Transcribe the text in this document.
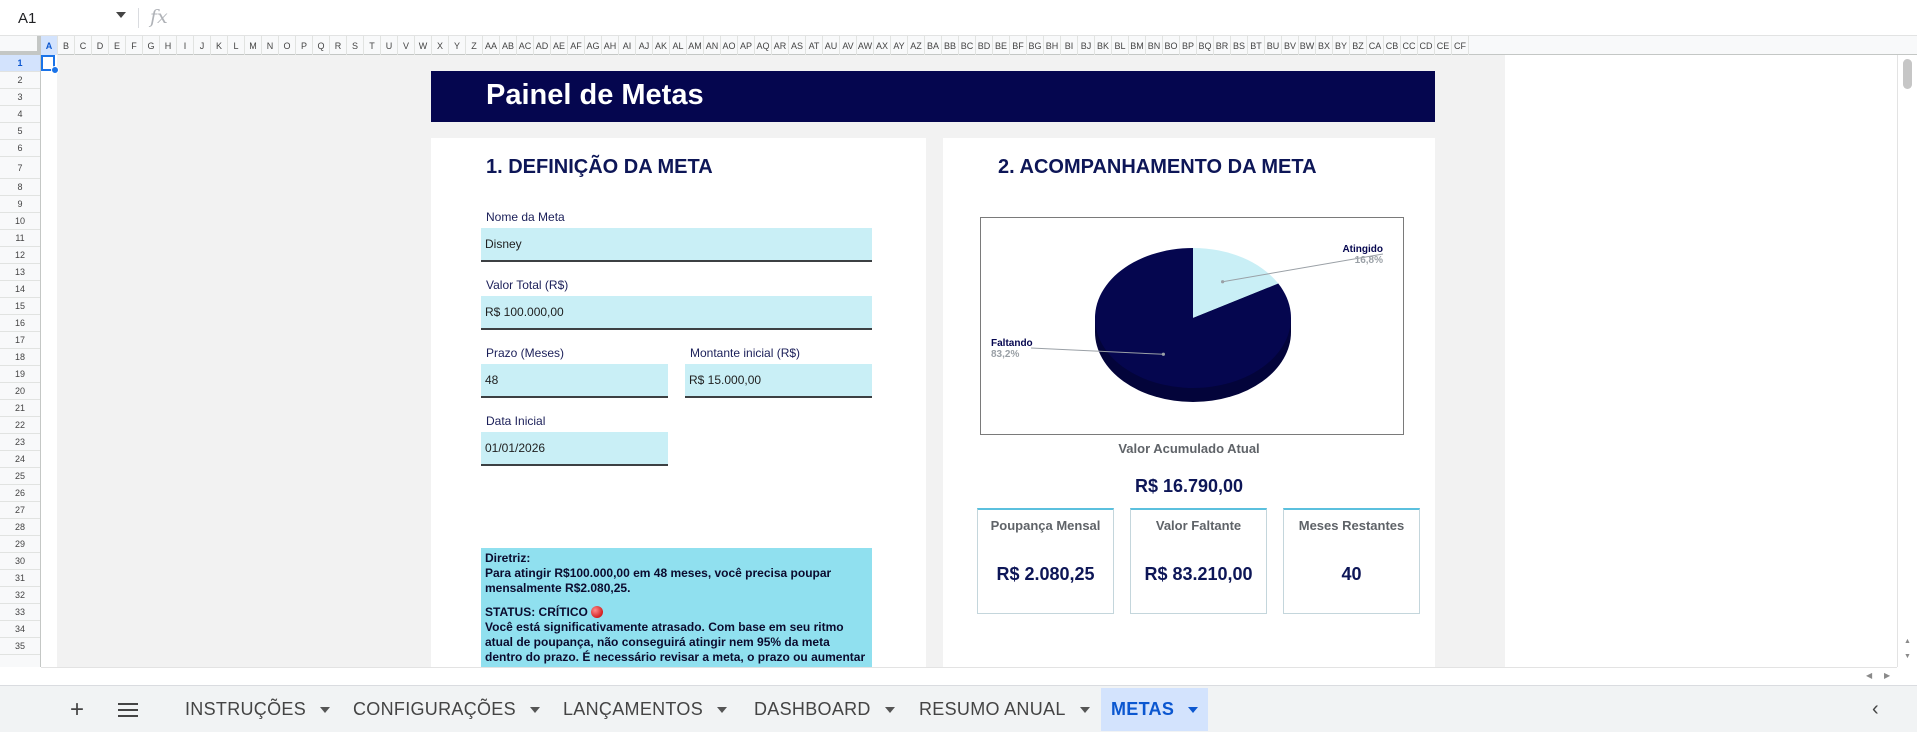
A1	fx
A	B	C	D	E	F	G	H	I	J	K	L	M	N	O	P	Q	R	S	T	U	V	W	X	Y	Z AA AB AC AD AE AF AG AH AI AJ AK AL AM AN AO AP AQ AR AS AT AU AV AW AX AY AZ BA BB BC BD BE BF BG BH BI BJ BK BL BM BN BO BP BQ BR BS BT BU BV BW BX BY BZ CA CB CC CD CE CF
1
2
3
4
5
6
7
8
9
10
11
12
13
14
15
16
17
18
19
20
21
22
23
24
25
26
27
28
29
30
31
32
33
34
35
Painel de Metas
1. DEFINIÇÃO DA META
Nome da Meta
Disney
Valor Total (R$)
R$ 100.000,00
Prazo (Meses)
48
Montante inicial (R$)
R$ 15.000,00
Data Inicial
01/01/2026
Diretriz:
Para atingir R$100.000,00 em 48 meses, você precisa poupar mensalmente R$2.080,25.
STATUS: CRÍTICO
Você está significativamente atrasado. Com base em seu ritmo atual de poupança, não conseguirá atingir nem 95% da meta dentro do prazo. É necessário revisar a meta, o prazo ou aumentar
2. ACOMPANHAMENTO DA META
Atingido
16,8%
Faltando
83,2%
Valor Acumulado Atual
R$ 16.790,00
Poupança Mensal
R$ 2.080,25
Valor Faltante
R$ 83.210,00
Meses Restantes
40
▲
▼
◀ ▶
+	INSTRUÇÕES	CONFIGURAÇÕES	LANÇAMENTOS	DASHBOARD	RESUMO ANUAL	METAS	‹
